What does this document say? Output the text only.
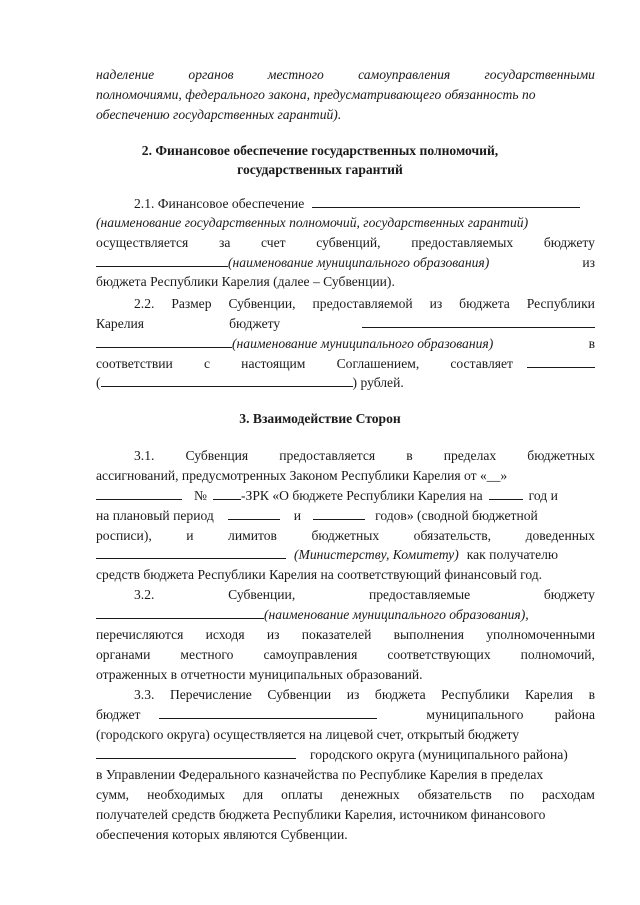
наделение	органов	местного	самоуправления	государственными
полномочиями, федерального закона, предусматривающего обязанность по
обеспечению государственных гарантий).
2. Финансовое обеспечение государственных полномочий,
государственных гарантий
2.1. Финансовое обеспечение
(наименование государственных полномочий, государственных гарантий)
осуществляется за счет субвенций, предоставляемых бюджету
(наименование муниципального образования)	из
бюджета Республики Карелия (далее – Субвенции).
2.2. Размер Субвенции, предоставляемой из бюджета Республики
Карелия	бюджету
(наименование муниципального образования)	в
соответствии с настоящим Соглашением, составляет
(	) рублей.
3. Взаимодействие Сторон
3.1. Субвенция предоставляется в пределах бюджетных
ассигнований, предусмотренных Законом Республики Карелия от «__»
№	-ЗРК «О бюджете Республики Карелия на	год и
на плановый период	и	годов» (сводной бюджетной
росписи),	и	лимитов	бюджетных	обязательств,	доведенных
(Министерству, Комитету) как получателю
средств бюджета Республики Карелия на соответствующий финансовый год.
3.2.	Субвенции,	предоставляемые	бюджету
(наименование муниципального образования),
перечисляются исходя из показателей выполнения уполномоченными
органами местного самоуправления соответствующих полномочий,
отраженных в отчетности муниципальных образований.
3.3. Перечисление Субвенции из бюджета Республики Карелия в
бюджет	муниципального района
(городского округа) осуществляется на лицевой счет, открытый бюджету
городского округа (муниципального района)
в Управлении Федерального казначейства по Республике Карелия в пределах
сумм, необходимых для оплаты денежных обязательств по расходам
получателей средств бюджета Республики Карелия, источником финансового
обеспечения которых являются Субвенции.
